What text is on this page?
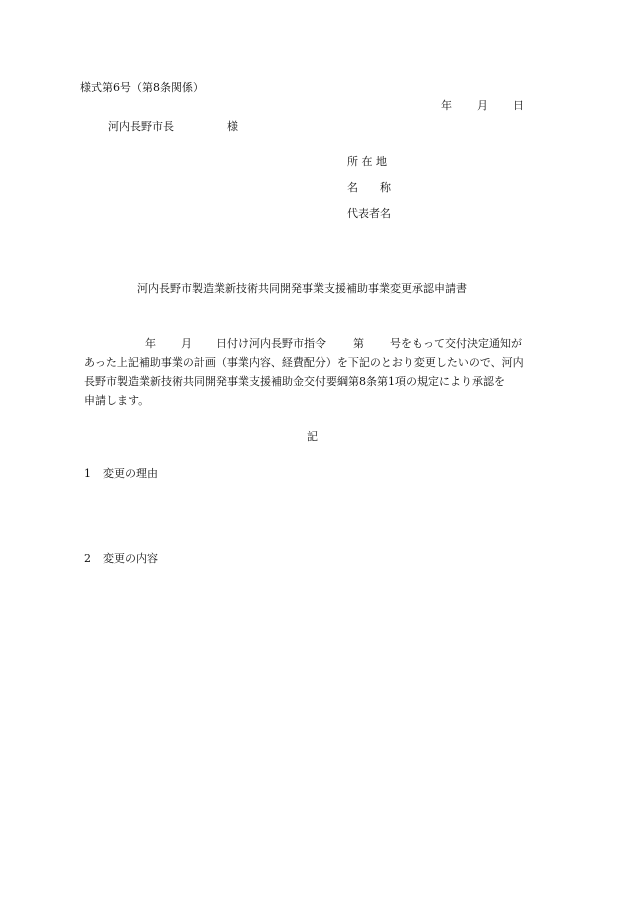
様式第6号（第8条関係）
年 月 日
河内長野市長	様
所 在 地
名　　称
代表者名
河内長野市製造業新技術共同開発事業支援補助事業変更承認申請書
年 月 日付け河内長野市指令 第 号をもって交付決定通知が
あった上記補助事業の計画（事業内容、経費配分）を下記のとおり変更したいので、河内
長野市製造業新技術共同開発事業支援補助金交付要綱第8条第1項の規定により承認を
申請します。
記
1 変更の理由
2 変更の内容
